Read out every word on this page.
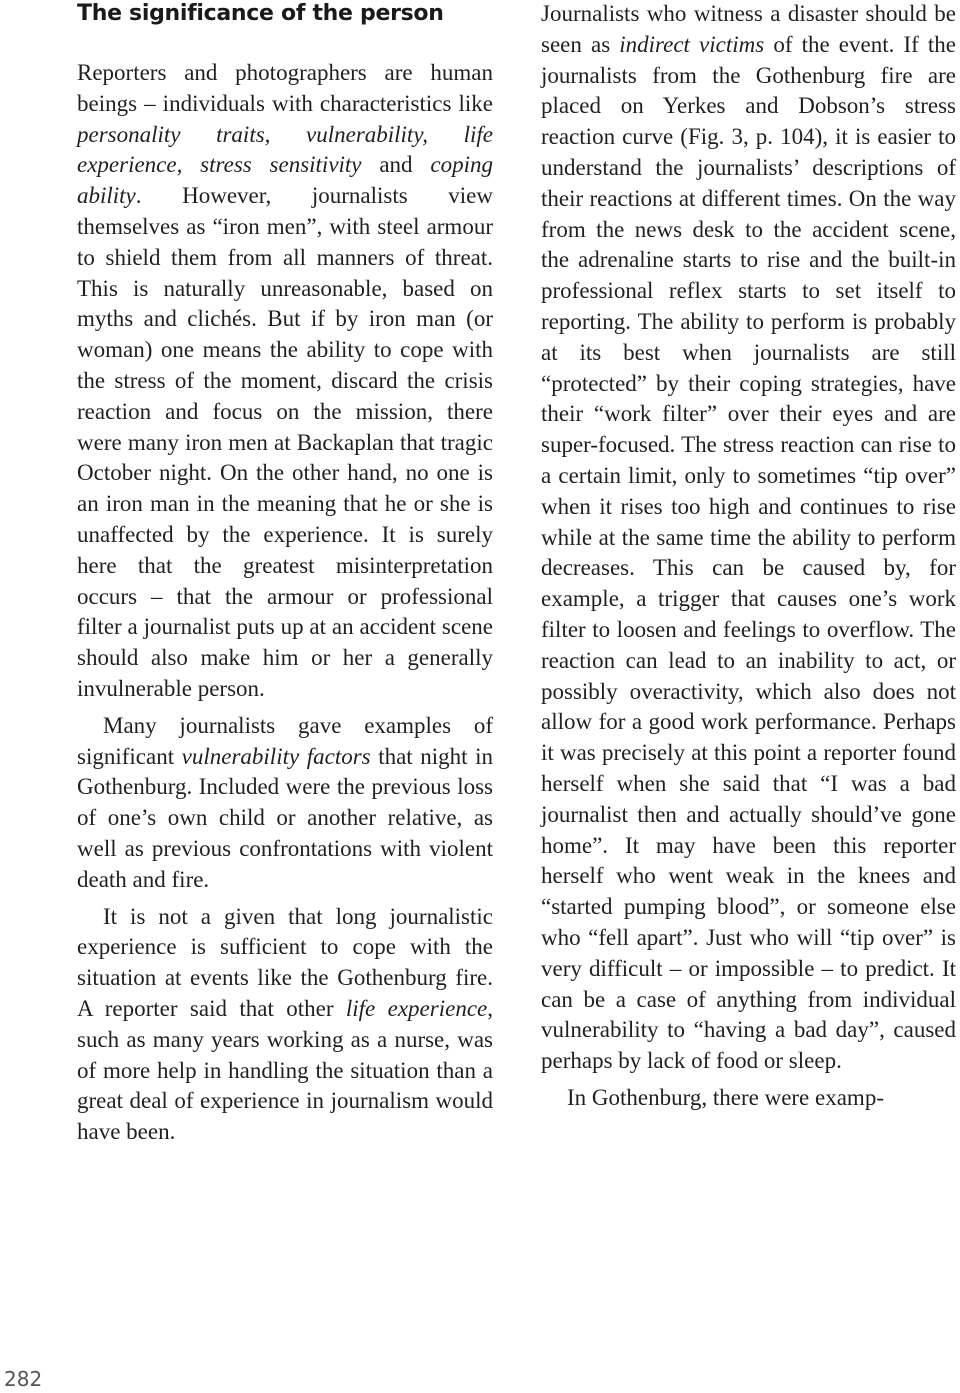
The significance of the person

Reporters and photographers are human beings – individuals with characteristics like personality traits, vulnerability, life experience, stress sensitivity and coping ability. However, journalists view themselves as “iron men”, with steel armour to shield them from all manners of threat. This is naturally unreasonable, based on myths and clichés. But if by iron man (or woman) one means the ability to cope with the stress of the moment, discard the crisis reaction and focus on the mission, there were many iron men at Backaplan that tragic October night. On the other hand, no one is an iron man in the meaning that he or she is unaffected by the experience. It is surely here that the greatest misinterpretation occurs – that the armour or professional filter a journalist puts up at an accident scene should also make him or her a generally invulnerable person.

Many journalists gave examples of significant vulnerability factors that night in Gothenburg. Included were the previous loss of one’s own child or another relative, as well as previous confrontations with violent death and fire.

It is not a given that long journalistic experience is sufficient to cope with the situation at events like the Gothenburg fire. A reporter said that other life experience, such as many years working as a nurse, was of more help in handling the situation than a great deal of experience in journalism would have been.

Journalists who witness a disaster should be seen as indirect victims of the event. If the journalists from the Gothenburg fire are placed on Yerkes and Dobson’s stress reaction curve (Fig. 3, p. 104), it is easier to understand the journalists’ descriptions of their reactions at different times. On the way from the news desk to the accident scene, the adrenaline starts to rise and the built-in professional reflex starts to set itself to reporting. The ability to perform is probably at its best when journalists are still “protected” by their coping strategies, have their “work filter” over their eyes and are super-focused. The stress reaction can rise to a certain limit, only to sometimes “tip over” when it rises too high and continues to rise while at the same time the ability to perform decreases. This can be caused by, for example, a trigger that causes one’s work filter to loosen and feelings to overflow. The reaction can lead to an inability to act, or possibly overactivity, which also does not allow for a good work performance. Perhaps it was precisely at this point a reporter found herself when she said that “I was a bad journalist then and actually should’ve gone home”. It may have been this reporter herself who went weak in the knees and “started pumping blood”, or someone else who “fell apart”. Just who will “tip over” is very difficult – or impossible – to predict. It can be a case of anything from individual vulnerability to “having a bad day”, caused perhaps by lack of food or sleep.

In Gothenburg, there were examp-

282
